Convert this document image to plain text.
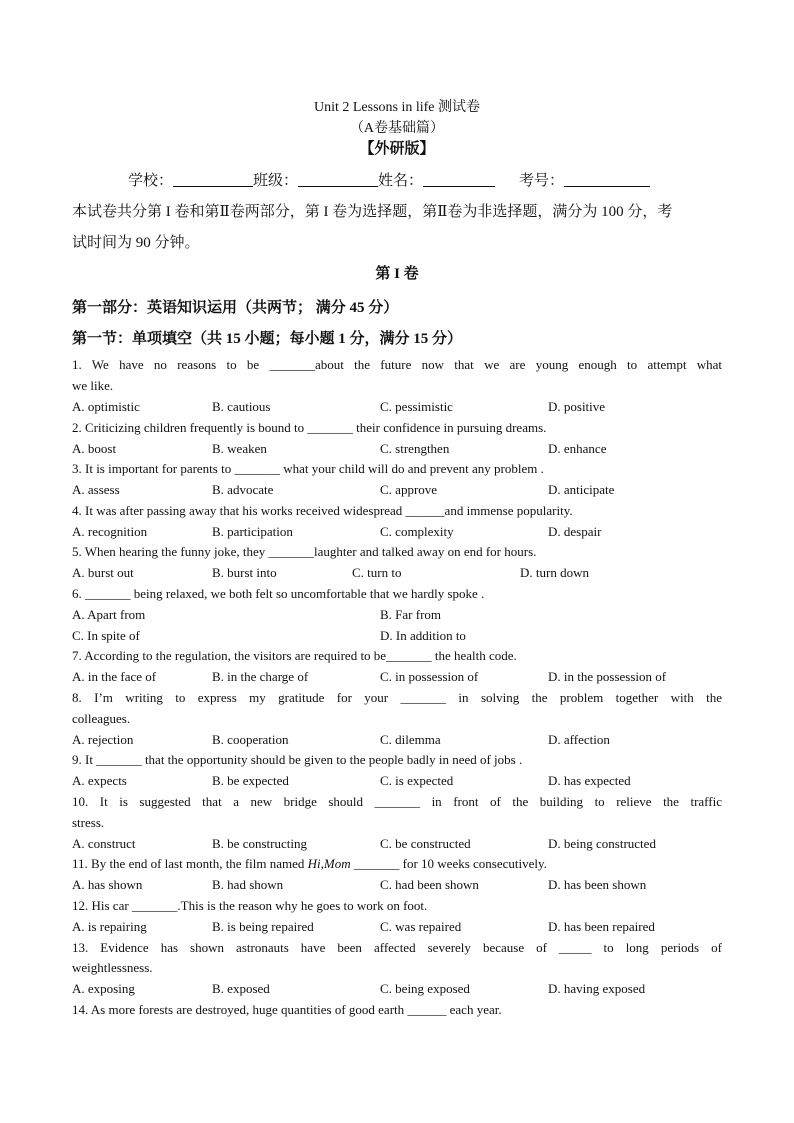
Unit 2 Lessons in life 测试卷
（A卷基础篇）
【外研版】
学校：	班级：	姓名：	考号：
本试卷共分第 I 卷和第Ⅱ卷两部分，第 I 卷为选择题，第Ⅱ卷为非选择题，满分为 100 分，考
试时间为 90 分钟。
第 I 卷
第一部分：英语知识运用（共两节； 满分 45 分）
第一节：单项填空（共 15 小题；每小题 1 分，满分 15 分）
1. We have no reasons to be _______about the future now that we are young enough to attempt what
we like.
A. optimistic	B. cautious	C. pessimistic	D. positive
2. Criticizing children frequently is bound to _______ their confidence in pursuing dreams.
A. boost	B. weaken	C. strengthen	D. enhance
3. It is important for parents to _______ what your child will do and prevent any problem .
A. assess	B. advocate	C. approve	D. anticipate
4. It was after passing away that his works received widespread ______and immense popularity.
A. recognition	B. participation	C. complexity	D. despair
5. When hearing the funny joke, they _______laughter and talked away on end for hours.
A. burst out	B. burst into	C. turn to	D. turn down
6. _______ being relaxed, we both felt so uncomfortable that we hardly spoke .
A. Apart from	B. Far from
C. In spite of	D. In addition to
7. According to the regulation, the visitors are required to be_______ the health code.
A. in the face of	B. in the charge of	C. in possession of	D. in the possession of
8. I’m writing to express my gratitude for your _______ in solving the problem together with the
colleagues.
A. rejection	B. cooperation	C. dilemma	D. affection
9. It _______ that the opportunity should be given to the people badly in need of jobs .
A. expects	B. be expected	C. is expected	D. has expected
10. It is suggested that a new bridge should _______ in front of the building to relieve the traffic
stress.
A. construct	B. be constructing	C. be constructed	D. being constructed
11. By the end of last month, the film named Hi,Mom _______ for 10 weeks consecutively.
A. has shown	B. had shown	C. had been shown	D. has been shown
12. His car _______.This is the reason why he goes to work on foot.
A. is repairing	B. is being repaired	C. was repaired	D. has been repaired
13. Evidence has shown astronauts have been affected severely because of _____ to long periods of
weightlessness.
A. exposing	B. exposed	C. being exposed	D. having exposed
14. As more forests are destroyed, huge quantities of good earth ______ each year.
